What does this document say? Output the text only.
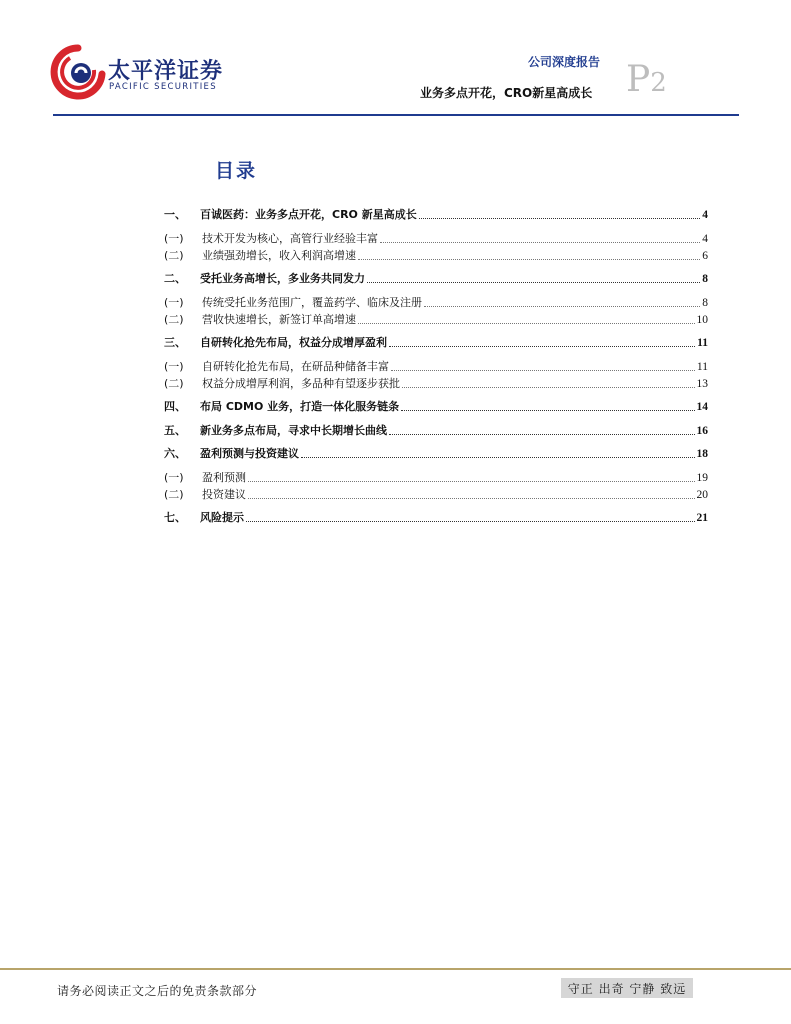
太平洋证券
PACIFIC SECURITIES
公司深度报告
业务多点开花，CRO新星高成长 P2
目录
一、	百诚医药：业务多点开花，CRO 新星高成长	4
(一)	技术开发为核心，高管行业经验丰富	4
(二)	业绩强劲增长，收入利润高增速	6
二、	受托业务高增长，多业务共同发力	8
(一)	传统受托业务范围广，覆盖药学、临床及注册	8
(二)	营收快速增长，新签订单高增速	10
三、	自研转化抢先布局，权益分成增厚盈利	11
(一)	自研转化抢先布局，在研品种储备丰富	11
(二)	权益分成增厚利润，多品种有望逐步获批	13
四、	布局 CDMO 业务，打造一体化服务链条	14
五、	新业务多点布局，寻求中长期增长曲线	16
六、	盈利预测与投资建议	18
(一)	盈利预测	19
(二)	投资建议	20
七、	风险提示	21
请务必阅读正文之后的免责条款部分	守正 出奇 宁静 致远
